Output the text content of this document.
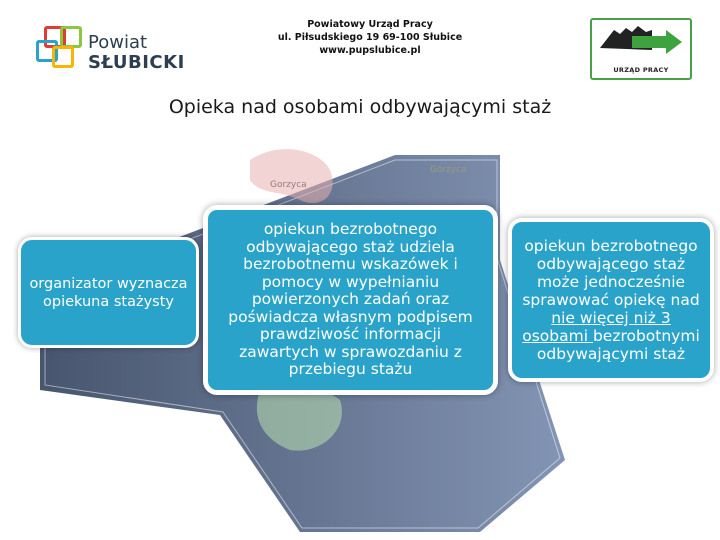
Gorzyca
Górzyca
Powiat
SŁUBICKI
Powiatowy Urząd Pracy
ul. Piłsudskiego 19 69-100 Słubice
www.pupslubice.pl
URZĄD PRACY
Opieka nad osobami odbywającymi staż
organizator wyznacza opiekuna stażysty
opiekun bezrobotnego odbywającego staż udziela bezrobotnemu wskazówek i pomocy w wypełnianiu powierzonych zadań oraz poświadcza własnym podpisem prawdziwość informacji zawartych w sprawozdaniu z przebiegu stażu
opiekun bezrobotnego odbywającego staż może jednocześnie sprawować opiekę nad nie więcej niż 3 osobami bezrobotnymi odbywającymi staż
